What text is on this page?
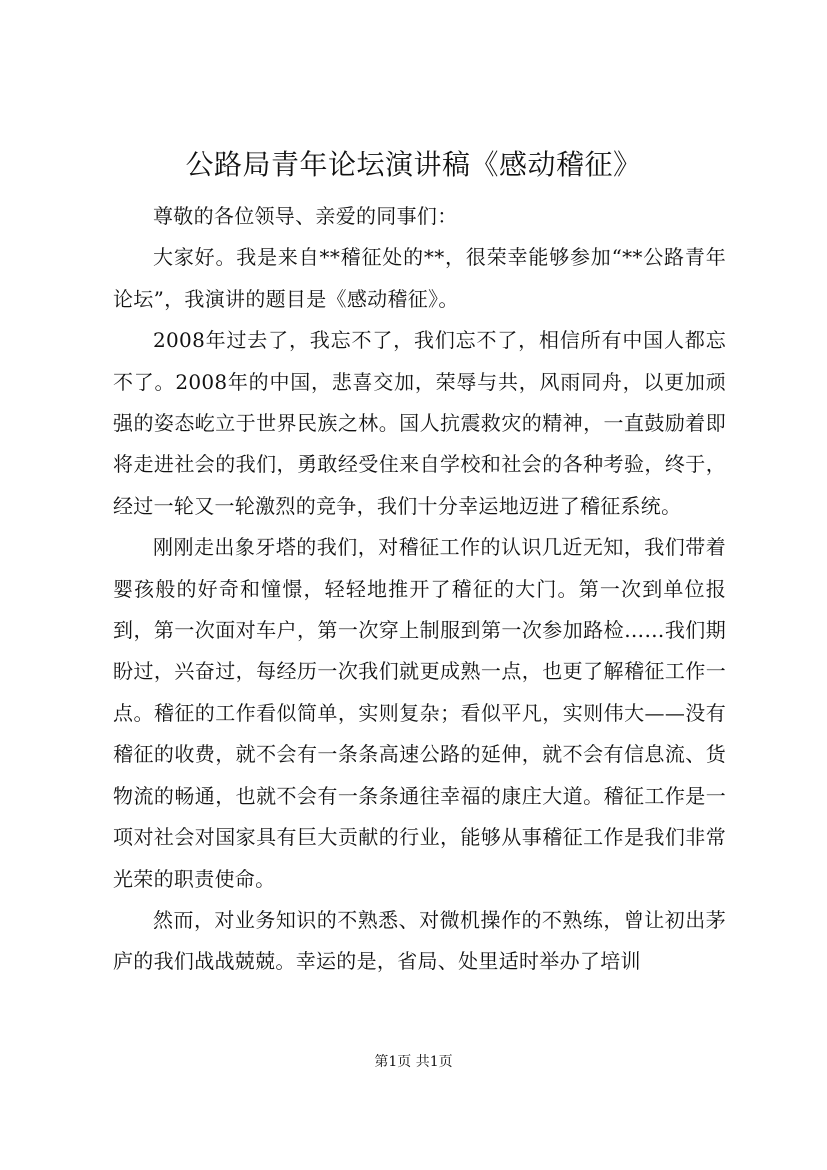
公路局青年论坛演讲稿《感动稽征》

尊敬的各位领导、亲爱的同事们：

大家好。我是来自**稽征处的**，很荣幸能够参加“**公路青年论坛”，我演讲的题目是《感动稽征》。

2008年过去了，我忘不了，我们忘不了，相信所有中国人都忘不了。2008年的中国，悲喜交加，荣辱与共，风雨同舟，以更加顽强的姿态屹立于世界民族之林。国人抗震救灾的精神，一直鼓励着即将走进社会的我们，勇敢经受住来自学校和社会的各种考验，终于，经过一轮又一轮激烈的竞争，我们十分幸运地迈进了稽征系统。

刚刚走出象牙塔的我们，对稽征工作的认识几近无知，我们带着婴孩般的好奇和憧憬，轻轻地推开了稽征的大门。第一次到单位报到，第一次面对车户，第一次穿上制服到第一次参加路检……我们期盼过，兴奋过，每经历一次我们就更成熟一点，也更了解稽征工作一点。稽征的工作看似简单，实则复杂；看似平凡，实则伟大——没有稽征的收费，就不会有一条条高速公路的延伸，就不会有信息流、货物流的畅通，也就不会有一条条通往幸福的康庄大道。稽征工作是一项对社会对国家具有巨大贡献的行业，能够从事稽征工作是我们非常光荣的职责使命。

然而，对业务知识的不熟悉、对微机操作的不熟练，曾让初出茅庐的我们战战兢兢。幸运的是，省局、处里适时举办了培训

第1页 共1页
